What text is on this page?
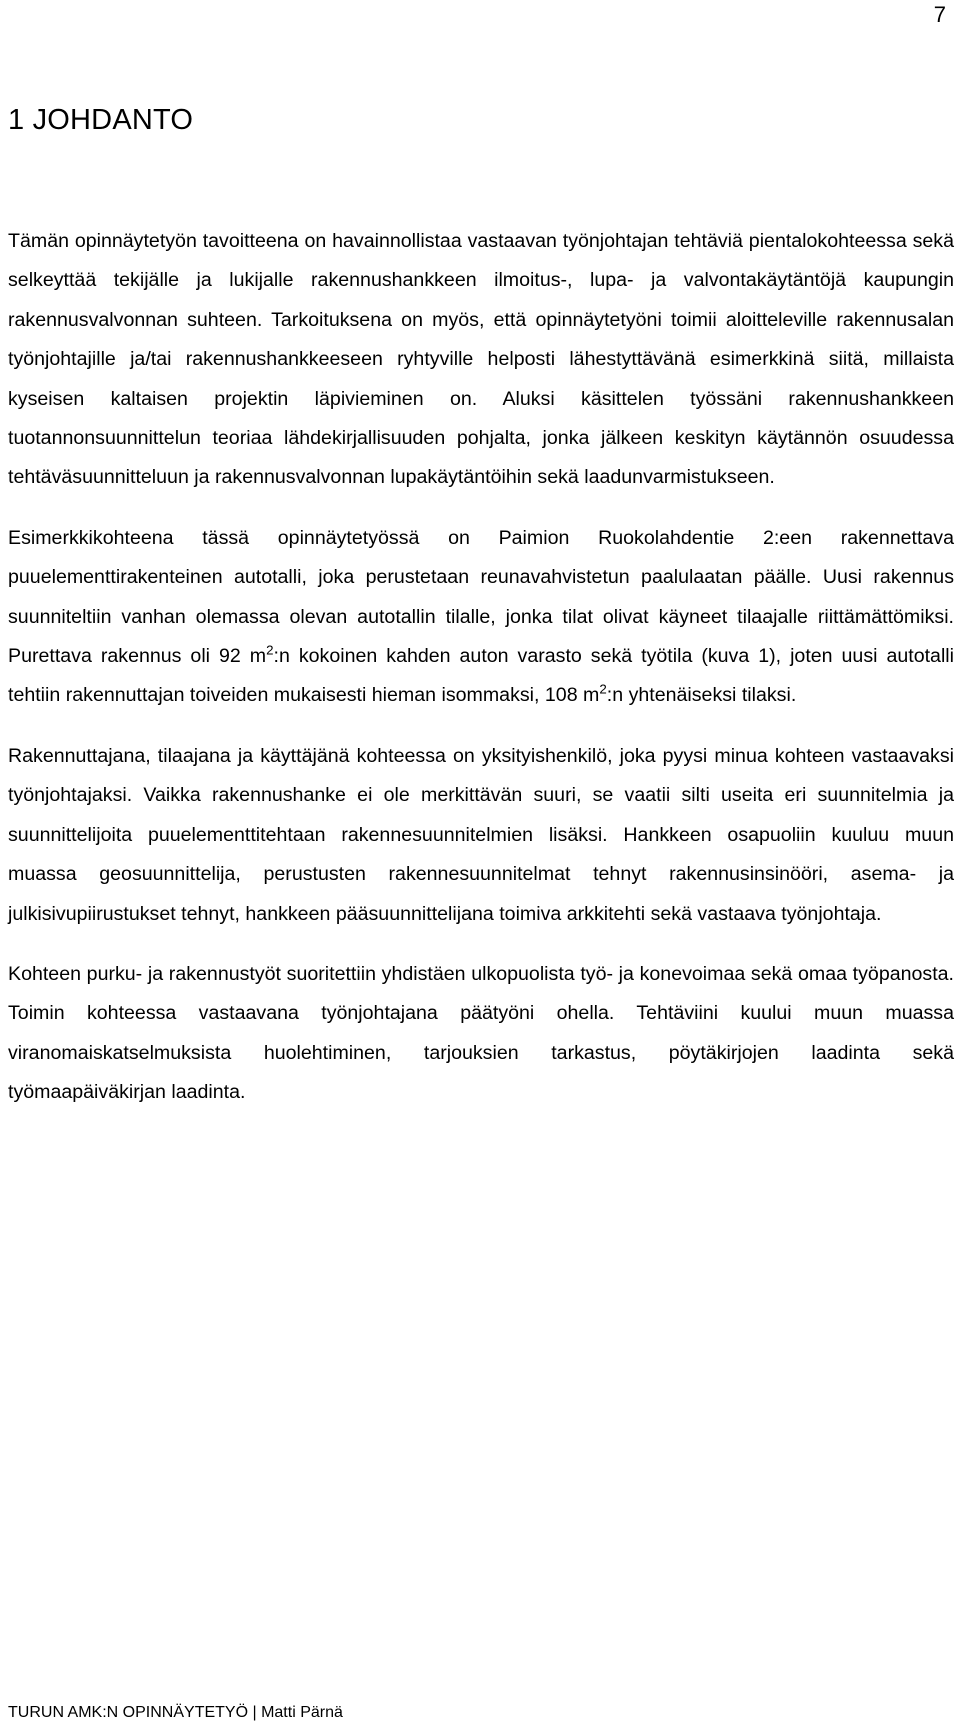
7
1 JOHDANTO

Tämän opinnäytetyön tavoitteena on havainnollistaa vastaavan työnjohtajan tehtäviä pientalokohteessa sekä selkeyttää tekijälle ja lukijalle rakennushankkeen ilmoitus-, lupa- ja valvontakäytäntöjä kaupungin rakennusvalvonnan suhteen. Tarkoituksena on myös, että opinnäytetyöni toimii aloitteleville rakennusalan työnjohtajille ja/tai rakennushankkeeseen ryhtyville helposti lähestyttävänä esimerkkinä siitä, millaista kyseisen kaltaisen projektin läpivieminen on. Aluksi käsittelen työssäni rakennushankkeen tuotannonsuunnittelun teoriaa lähdekirjallisuuden pohjalta, jonka jälkeen keskityn käytännön osuudessa tehtäväsuunnitteluun ja rakennusvalvonnan lupakäytäntöihin sekä laadunvarmistukseen.

Esimerkkikohteena tässä opinnäytetyössä on Paimion Ruokolahdentie 2:een rakennettava puuelementtirakenteinen autotalli, joka perustetaan reunavahvistetun paalulaatan päälle. Uusi rakennus suunniteltiin vanhan olemassa olevan autotallin tilalle, jonka tilat olivat käyneet tilaajalle riittämättömiksi. Purettava rakennus oli 92 $m^2:n$ kokoinen kahden auton varasto sekä työtila (kuva 1), joten uusi autotalli tehtiin rakennuttajan toiveiden mukaisesti hieman isommaksi, 108 $m^2:n$ yhtenäiseksi tilaksi.

Rakennuttajana, tilaajana ja käyttäjänä kohteessa on yksityishenkilö, joka pyysi minua kohteen vastaavaksi työnjohtajaksi. Vaikka rakennushanke ei ole merkittävän suuri, se vaatii silti useita eri suunnitelmia ja suunnittelijoita puuelementtitehtaan rakennesuunnitelmien lisäksi. Hankkeen osapuoliin kuuluu muun muassa geosuunnittelija, perustusten rakennesuunnitelmat tehnyt rakennusinsinööri, asema- ja julkisivupiirustukset tehnyt, hankkeen pääsuunnittelijana toimiva arkkitehti sekä vastaava työnjohtaja.

Kohteen purku- ja rakennustyöt suoritettiin yhdistäen ulkopuolista työ- ja konevoimaa sekä omaa työpanosta. Toimin kohteessa vastaavana työnjohtajana päätyöni ohella. Tehtäviini kuului muun muassa viranomaiskatselmuksista huolehtiminen, tarjouksien tarkastus, pöytäkirjojen laadinta sekä työmaapäiväkirjan laadinta.

TURUN AMK:N OPINNÄYTETYÖ | Matti Pärnä
